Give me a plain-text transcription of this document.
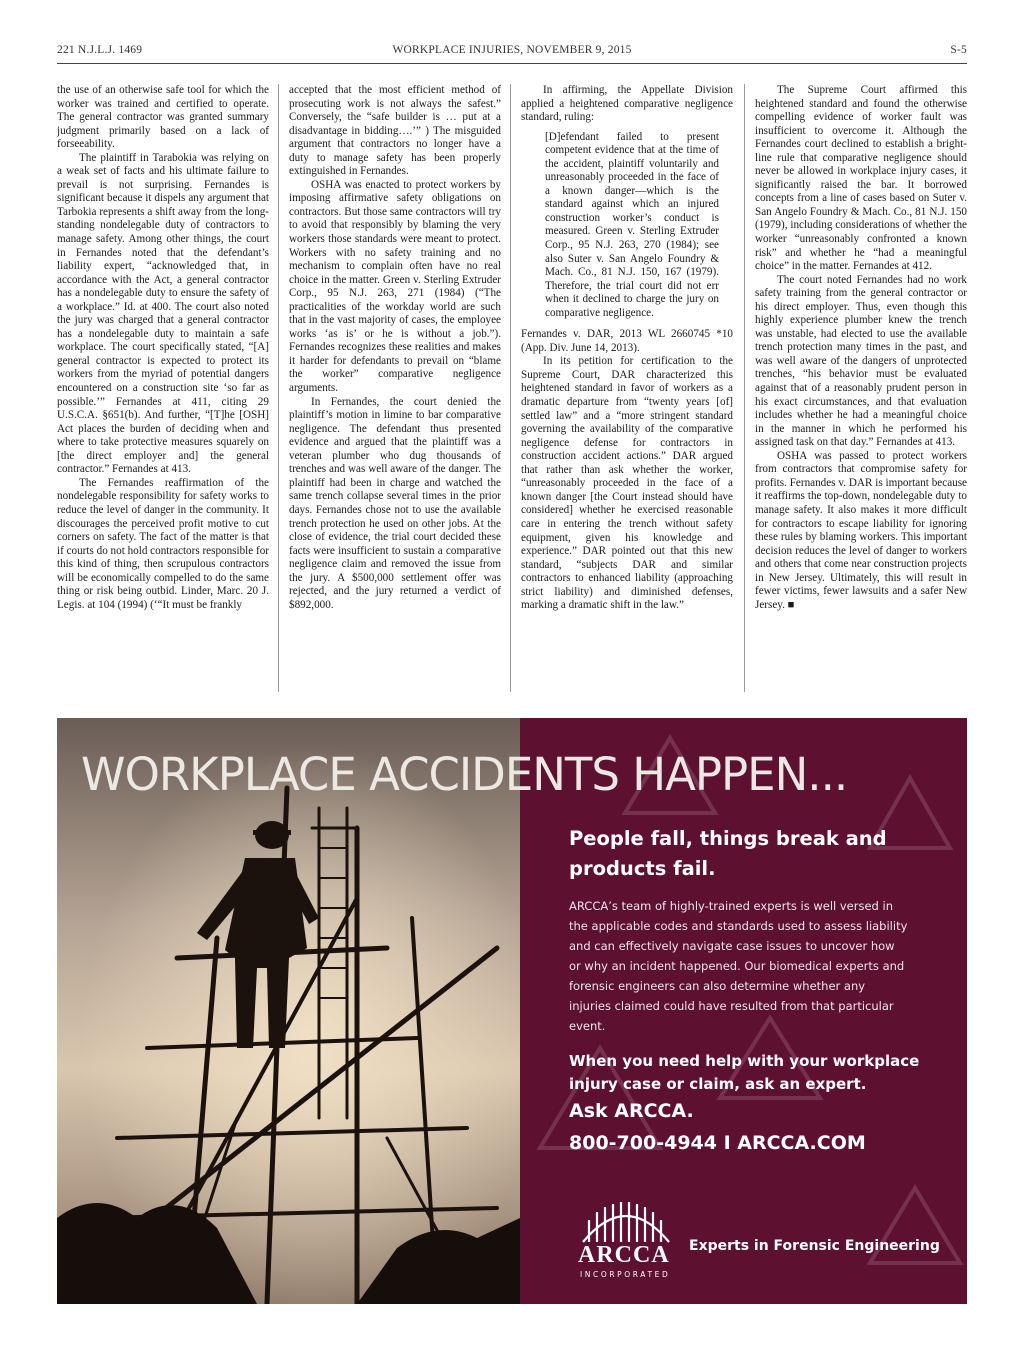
221 N.J.L.J. 1469	WORKPLACE INJURIES, NOVEMBER 9, 2015	S-5

the use of an otherwise safe tool for which the worker was trained and certified to operate. The general contractor was granted summary judgment primarily based on a lack of forseeability.

The plaintiff in Tarabokia was relying on a weak set of facts and his ultimate failure to prevail is not surprising. Fernandes is significant because it dispels any argument that Tarbokia represents a shift away from the long-standing nondelegable duty of contractors to manage safety. Among other things, the court in Fernandes noted that the defendant’s liability expert, “acknowledged that, in accordance with the Act, a general contractor has a nondelegable duty to ensure the safety of a workplace.” Id. at 400. The court also noted the jury was charged that a general contractor has a nondelegable duty to maintain a safe workplace. The court specifically stated, “[A] general contractor is expected to protect its workers from the myriad of potential dangers encountered on a construction site ‘so far as possible.’” Fernandes at 411, citing 29 U.S.C.A. §651(b). And further, “[T]he [OSH] Act places the burden of deciding when and where to take protective measures squarely on [the direct employer and] the general contractor.” Fernandes at 413.

The Fernandes reaffirmation of the nondelegable responsibility for safety works to reduce the level of danger in the community. It discourages the perceived profit motive to cut corners on safety. The fact of the matter is that if courts do not hold contractors responsible for this kind of thing, then scrupulous contractors will be economically compelled to do the same thing or risk being outbid. Linder, Marc. 20 J. Legis. at 104 (1994) (‘“It must be frankly

accepted that the most efficient method of prosecuting work is not always the safest.” Conversely, the “safe builder is … put at a disadvantage in bidding….’” ) The misguided argument that contractors no longer have a duty to manage safety has been properly extinguished in Fernandes.

OSHA was enacted to protect workers by imposing affirmative safety obligations on contractors. But those same contractors will try to avoid that responsibly by blaming the very workers those standards were meant to protect. Workers with no safety training and no mechanism to complain often have no real choice in the matter. Green v. Sterling Extruder Corp., 95 N.J. 263, 271 (1984) (“The practicalities of the workday world are such that in the vast majority of cases, the employee works ‘as is’ or he is without a job.”). Fernandes recognizes these realities and makes it harder for defendants to prevail on “blame the worker” comparative negligence arguments.

In Fernandes, the court denied the plaintiff’s motion in limine to bar comparative negligence. The defendant thus presented evidence and argued that the plaintiff was a veteran plumber who dug thousands of trenches and was well aware of the danger. The plaintiff had been in charge and watched the same trench collapse several times in the prior days. Fernandes chose not to use the available trench protection he used on other jobs. At the close of evidence, the trial court decided these facts were insufficient to sustain a comparative negligence claim and removed the issue from the jury. A $500,000 settlement offer was rejected, and the jury returned a verdict of $892,000.

In affirming, the Appellate Division applied a heightened comparative negligence standard, ruling:

[D]efendant failed to present competent evidence that at the time of the accident, plaintiff voluntarily and unreasonably proceeded in the face of a known danger—which is the standard against which an injured construction worker’s conduct is measured. Green v. Sterling Extruder Corp., 95 N.J. 263, 270 (1984); see also Suter v. San Angelo Foundry & Mach. Co., 81 N.J. 150, 167 (1979). Therefore, the trial court did not err when it declined to charge the jury on comparative negligence.

Fernandes v. DAR, 2013 WL 2660745 *10 (App. Div. June 14, 2013).

In its petition for certification to the Supreme Court, DAR characterized this heightened standard in favor of workers as a dramatic departure from “twenty years [of] settled law” and a “more stringent standard governing the availability of the comparative negligence defense for contractors in construction accident actions.” DAR argued that rather than ask whether the worker, “unreasonably proceeded in the face of a known danger [the Court instead should have considered] whether he exercised reasonable care in entering the trench without safety equipment, given his knowledge and experience.” DAR pointed out that this new standard, “subjects DAR and similar contractors to enhanced liability (approaching strict liability) and diminished defenses, marking a dramatic shift in the law.”

The Supreme Court affirmed this heightened standard and found the otherwise compelling evidence of worker fault was insufficient to overcome it. Although the Fernandes court declined to establish a bright-line rule that comparative negligence should never be allowed in workplace injury cases, it significantly raised the bar. It borrowed concepts from a line of cases based on Suter v. San Angelo Foundry & Mach. Co., 81 N.J. 150 (1979), including considerations of whether the worker “unreasonably confronted a known risk” and whether he “had a meaningful choice” in the matter. Fernandes at 412.

The court noted Fernandes had no work safety training from the general contractor or his direct employer. Thus, even though this highly experience plumber knew the trench was unstable, had elected to use the available trench protection many times in the past, and was well aware of the dangers of unprotected trenches, “his behavior must be evaluated against that of a reasonably prudent person in his exact circumstances, and that evaluation includes whether he had a meaningful choice in the manner in which he performed his assigned task on that day.” Fernandes at 413.

OSHA was passed to protect workers from contractors that compromise safety for profits. Fernandes v. DAR is important because it reaffirms the top-down, nondelegable duty to manage safety. It also makes it more difficult for contractors to escape liability for ignoring these rules by blaming workers. This important decision reduces the level of danger to workers and others that come near construction projects in New Jersey. Ultimately, this will result in fewer victims, fewer lawsuits and a safer New Jersey. ■

WORKPLACE ACCIDENTS HAPPEN...
People fall, things break and
products fail.
ARCCA’s team of highly-trained experts is well versed in the applicable codes and standards used to assess liability and can effectively navigate case issues to uncover how or why an incident happened. Our biomedical experts and forensic engineers can also determine whether any injuries claimed could have resulted from that particular event.
When you need help with your workplace
injury case or claim, ask an expert.
Ask ARCCA.
800-700-4944 I ARCCA.COM
ARCCA
INCORPORATED
Experts in Forensic Engineering
